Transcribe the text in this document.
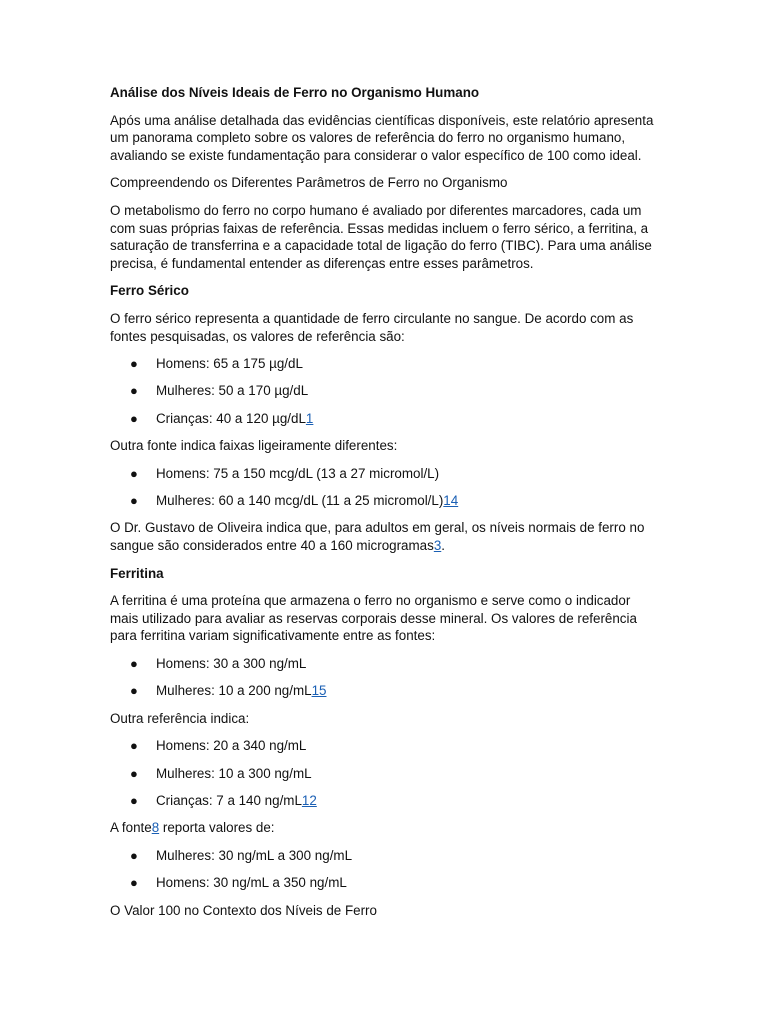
Análise dos Níveis Ideais de Ferro no Organismo Humano

Após uma análise detalhada das evidências científicas disponíveis, este relatório apresenta um panorama completo sobre os valores de referência do ferro no organismo humano, avaliando se existe fundamentação para considerar o valor específico de 100 como ideal.

Compreendendo os Diferentes Parâmetros de Ferro no Organismo

O metabolismo do ferro no corpo humano é avaliado por diferentes marcadores, cada um com suas próprias faixas de referência. Essas medidas incluem o ferro sérico, a ferritina, a saturação de transferrina e a capacidade total de ligação do ferro (TIBC). Para uma análise precisa, é fundamental entender as diferenças entre esses parâmetros.

Ferro Sérico

O ferro sérico representa a quantidade de ferro circulante no sangue. De acordo com as fontes pesquisadas, os valores de referência são:

● Homens: 65 a 175 µg/dL
● Mulheres: 50 a 170 µg/dL
● Crianças: 40 a 120 µg/dL1

Outra fonte indica faixas ligeiramente diferentes:

● Homens: 75 a 150 mcg/dL (13 a 27 micromol/L)
● Mulheres: 60 a 140 mcg/dL (11 a 25 micromol/L)14

O Dr. Gustavo de Oliveira indica que, para adultos em geral, os níveis normais de ferro no sangue são considerados entre 40 a 160 microgramas3.

Ferritina

A ferritina é uma proteína que armazena o ferro no organismo e serve como o indicador mais utilizado para avaliar as reservas corporais desse mineral. Os valores de referência para ferritina variam significativamente entre as fontes:

● Homens: 30 a 300 ng/mL
● Mulheres: 10 a 200 ng/mL15

Outra referência indica:

● Homens: 20 a 340 ng/mL
● Mulheres: 10 a 300 ng/mL
● Crianças: 7 a 140 ng/mL12

A fonte8 reporta valores de:

● Mulheres: 30 ng/mL a 300 ng/mL
● Homens: 30 ng/mL a 350 ng/mL

O Valor 100 no Contexto dos Níveis de Ferro
